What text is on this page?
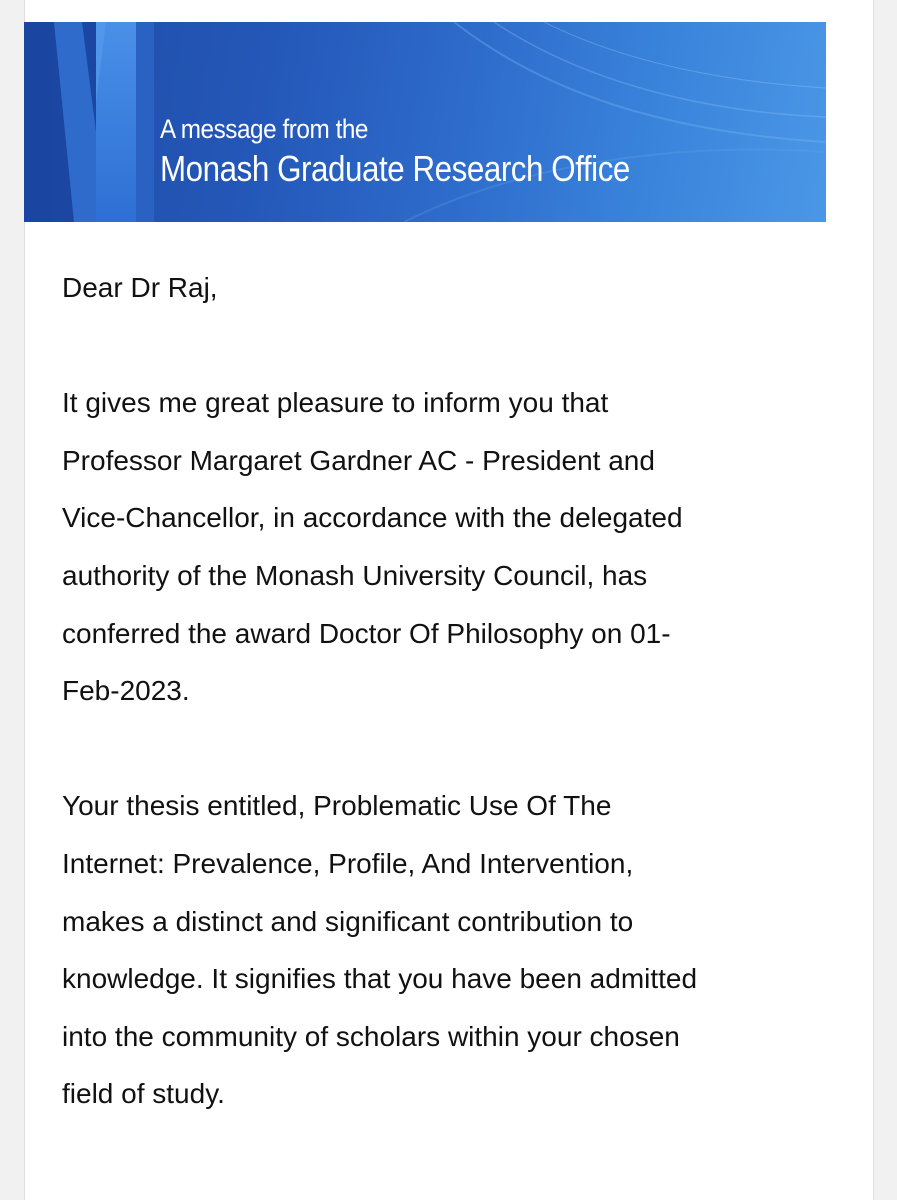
A message from the
Monash Graduate Research Office

Dear Dr Raj,

It gives me great pleasure to inform you that

Professor Margaret Gardner AC - President and

Vice-Chancellor, in accordance with the delegated

authority of the Monash University Council, has

conferred the award Doctor Of Philosophy on 01-

Feb-2023.

Your thesis entitled, Problematic Use Of The

Internet: Prevalence, Profile, And Intervention,

makes a distinct and significant contribution to

knowledge. It signifies that you have been admitted

into the community of scholars within your chosen

field of study.
